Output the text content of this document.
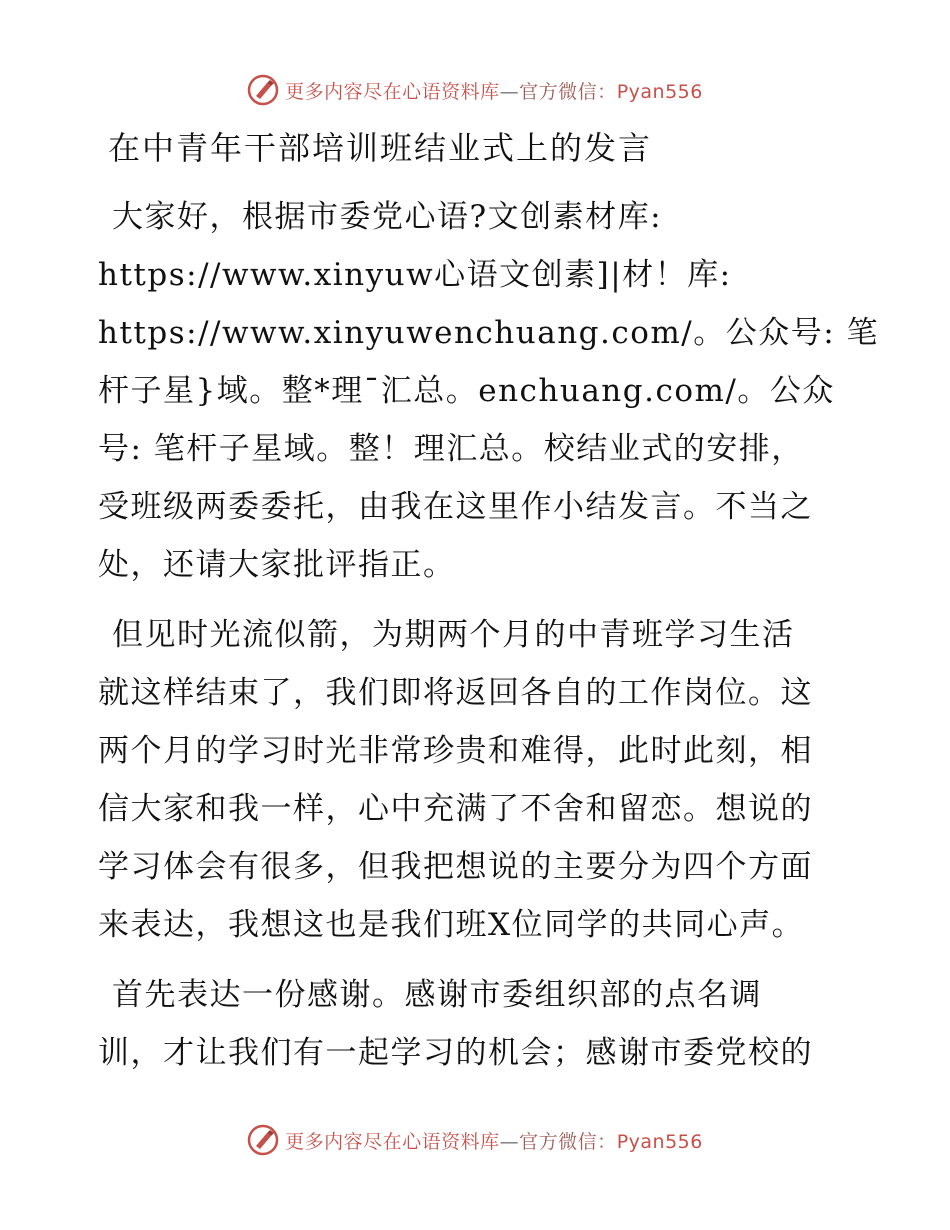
更多内容尽在心语资料库—官方微信：Pyan556
在中青年干部培训班结业式上的发言
大家好，根据市委党心语?文创素材库:
https://www.xinyuw心语文创素]|材！库:
https://www.xinyuwenchuang.com/。公众号: 笔
杆子星}域。整*理¯汇总。enchuang.com/。公众
号: 笔杆子星域。整！理汇总。校结业式的安排，
受班级两委委托，由我在这里作小结发言。不当之
处，还请大家批评指正。
但见时光流似箭，为期两个月的中青班学习生活
就这样结束了，我们即将返回各自的工作岗位。这
两个月的学习时光非常珍贵和难得，此时此刻，相
信大家和我一样，心中充满了不舍和留恋。想说的
学习体会有很多，但我把想说的主要分为四个方面
来表达，我想这也是我们班X位同学的共同心声。
首先表达一份感谢。感谢市委组织部的点名调
训，才让我们有一起学习的机会；感谢市委党校的
更多内容尽在心语资料库—官方微信：Pyan556
